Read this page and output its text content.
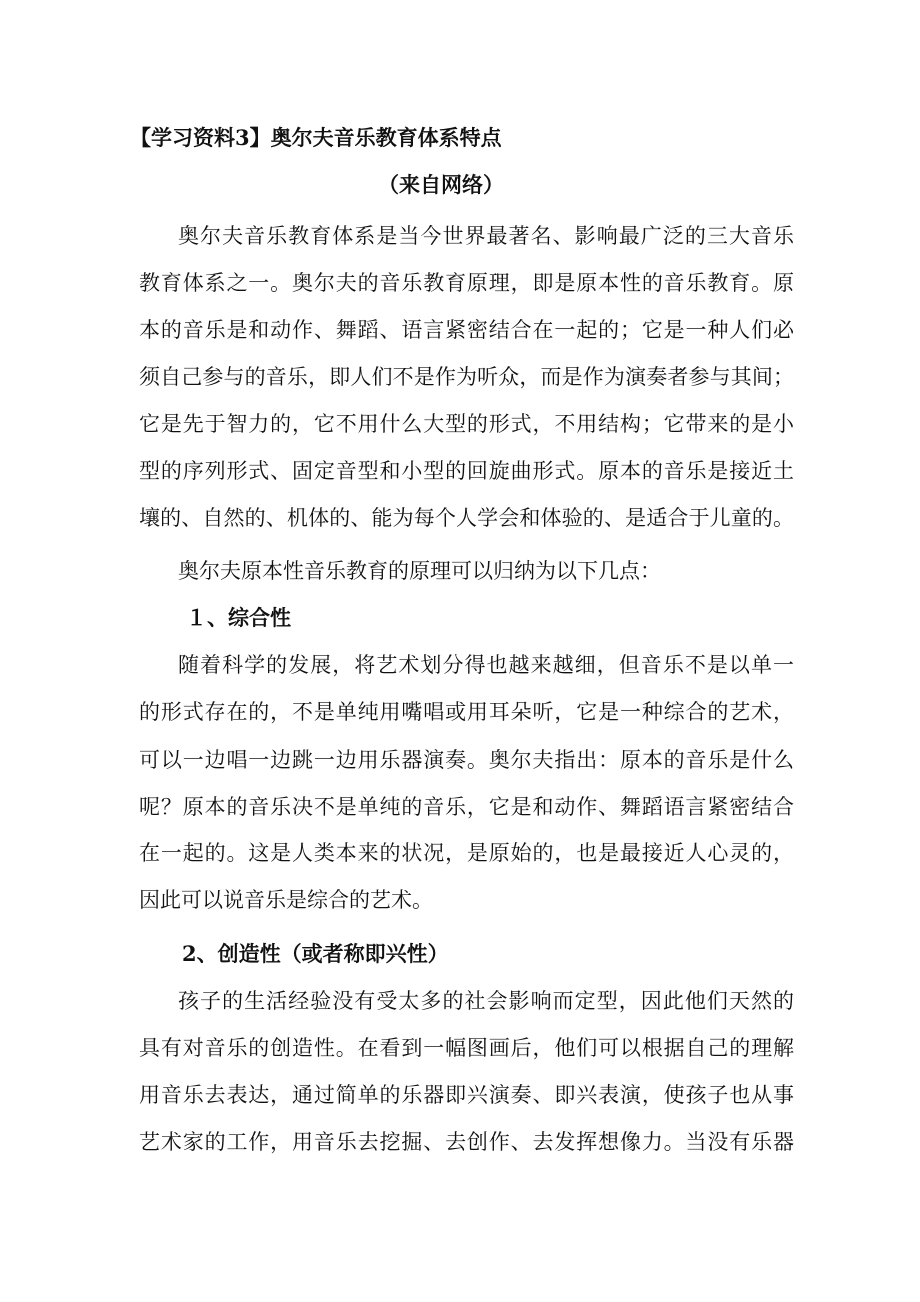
【学习资料3】奥尔夫音乐教育体系特点
（来自网络）
奥尔夫音乐教育体系是当今世界最著名、影响最广泛的三大音乐
教育体系之一。奥尔夫的音乐教育原理，即是原本性的音乐教育。原
本的音乐是和动作、舞蹈、语言紧密结合在一起的；它是一种人们必
须自己参与的音乐，即人们不是作为听众，而是作为演奏者参与其间；
它是先于智力的，它不用什么大型的形式，不用结构；它带来的是小
型的序列形式、固定音型和小型的回旋曲形式。原本的音乐是接近土
壤的、自然的、机体的、能为每个人学会和体验的、是适合于儿童的。
奥尔夫原本性音乐教育的原理可以归纳为以下几点：
１、综合性
随着科学的发展，将艺术划分得也越来越细，但音乐不是以单一
的形式存在的，不是单纯用嘴唱或用耳朵听，它是一种综合的艺术，
可以一边唱一边跳一边用乐器演奏。奥尔夫指出：原本的音乐是什么
呢？原本的音乐决不是单纯的音乐，它是和动作、舞蹈语言紧密结合
在一起的。这是人类本来的状况，是原始的，也是最接近人心灵的，
因此可以说音乐是综合的艺术。
2、创造性（或者称即兴性）
孩子的生活经验没有受太多的社会影响而定型，因此他们天然的
具有对音乐的创造性。在看到一幅图画后，他们可以根据自己的理解
用音乐去表达，通过简单的乐器即兴演奏、即兴表演，使孩子也从事
艺术家的工作，用音乐去挖掘、去创作、去发挥想像力。当没有乐器
